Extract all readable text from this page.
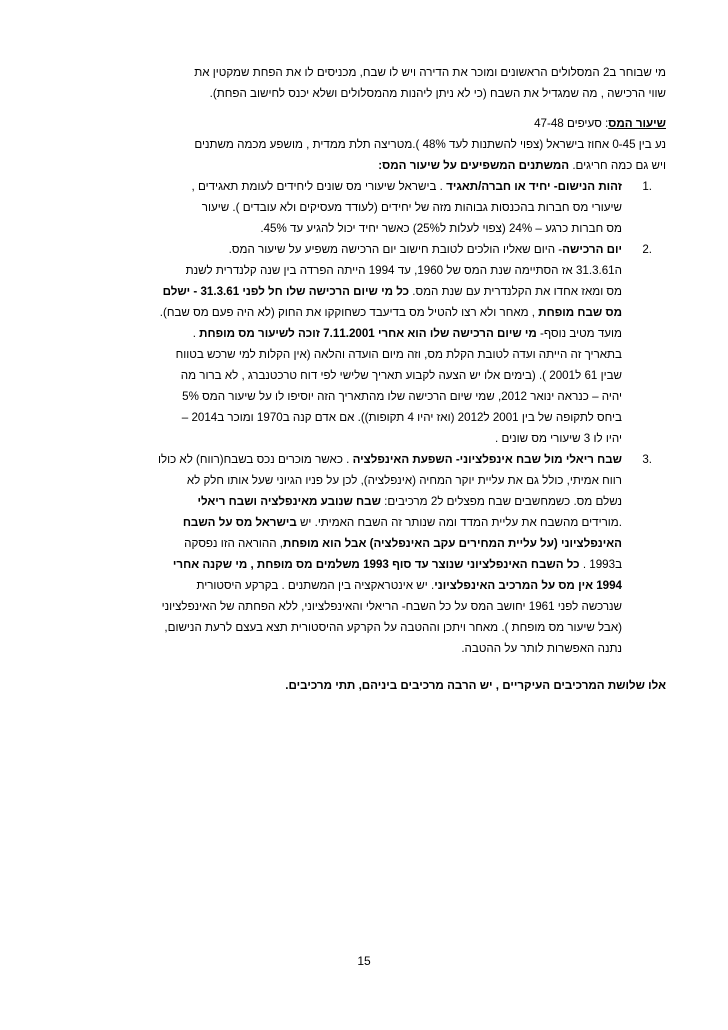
מי שבוחר ב2 המסלולים הראשונים ומוכר את הדירה ויש לו שבח, מכניסים לו את הפחת שמקטין את
שווי הרכישה , מה שמגדיל את השבח (כי לא ניתן ליהנות מהמסלולים ושלא יכנס לחישוב הפחת).

שיעור המס: סעיפים 47-48
נע בין 0-45 אחוז בישראל (צפוי להשתנות לעד 48% ).מטריצה תלת ממדית , מושפע מכמה משתנים
ויש גם כמה חריגים. המשתנים המשפיעים על שיעור המס:

1.
זהות הנישום- יחיד או חברה/תאגיד . בישראל שיעורי מס שונים ליחידים לעומת תאגידים ,
שיעורי מס חברות בהכנסות גבוהות מזה של יחידים (לעודד מעסיקים ולא עובדים ). שיעור
מס חברות כרגע – 24% (צפוי לעלות ל25%) כאשר יחיד יכול להגיע עד 45%.
2.
יום הרכישה- היום שאליו הולכים לטובת חישוב יום הרכישה משפיע על שיעור המס.
ה31.3.61 אז הסתיימה שנת המס של 1960, עד 1994 הייתה הפרדה בין שנה קלנדרית לשנת
מס ומאז אחדו את הקלנדרית עם שנת המס. כל מי שיום הרכישה שלו חל לפני 31.3.61 - ישלם
מס שבח מופחת , מאחר ולא רצו להטיל מס בדיעבד כשחוקקו את החוק (לא היה פעם מס שבח).
מועד מטיב נוסף- מי שיום הרכישה שלו הוא אחרי 7.11.2001 זוכה לשיעור מס מופחת .
בתאריך זה הייתה ועדה לטובת הקלת מס, וזה מיום הועדה והלאה (אין הקלות למי שרכש בטווח
שבין 61 ל2001 ). (בימים אלו יש הצעה לקבוע תאריך שלישי לפי דוח טרכטנברג , לא ברור מה
יהיה – כנראה ינואר 2012, שמי שיום הרכישה שלו מהתאריך הזה יוסיפו לו על שיעור המס 5%
ביחס לתקופה של בין 2001 ל2012 (ואז יהיו 4 תקופות)). אם אדם קנה ב1970 ומוכר ב2014 –
יהיו לו 3 שיעורי מס שונים .
3.
שבח ריאלי מול שבח אינפלציוני- השפעת האינפלציה . כאשר מוכרים נכס בשבח(רווח) לא כולו
רווח אמיתי, כולל גם את עליית יוקר המחיה (אינפלציה), לכן על פניו הגיוני שעל אותו חלק לא
נשלם מס. כשמחשבים שבח מפצלים ל2 מרכיבים: שבח שנובע מאינפלציה ושבח ריאלי
.מורידים מהשבח את עליית המדד ומה שנותר זה השבח האמיתי. יש בישראל מס על השבח
האינפלציוני (על עליית המחירים עקב האינפלציה) אבל הוא מופחת, ההוראה הזו נפסקה
ב1993 . כל השבח האינפלציוני שנוצר עד סוף 1993 משלמים מס מופחת , מי שקנה אחרי
1994 אין מס על המרכיב האינפלציוני. יש אינטראקציה בין המשתנים . בקרקע היסטורית
שנרכשה לפני 1961 יחושב המס על כל השבח- הריאלי והאינפלציוני, ללא הפחתה של האינפלציוני
(אבל שיעור מס מופחת ). מאחר ויתכן וההטבה על הקרקע ההיסטורית תצא בעצם לרעת הנישום,
נתנה האפשרות לותר על ההטבה.

אלו שלושת המרכיבים העיקריים , יש הרבה מרכיבים ביניהם, תתי מרכיבים.

15
